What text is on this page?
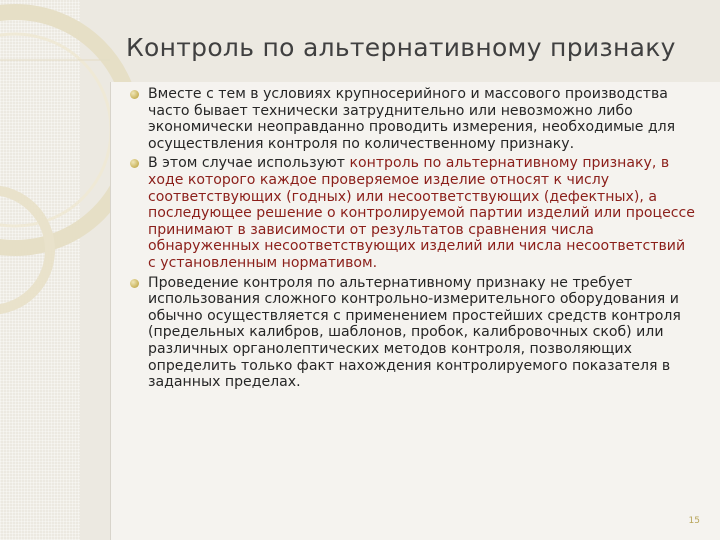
Контроль по альтернативному признаку
Вместе с тем в условиях крупносерийного и массового производства часто бывает технически затруднительно или невозможно либо экономически неоправданно проводить измерения, необходимые для осуществления контроля по количественному признаку.
В этом случае используют контроль по альтернативному признаку, в ходе которого каждое проверяемое изделие относят к числу соответствующих (годных) или несоответствующих (дефектных), а последующее решение о контролируемой партии изделий или процессе принимают в зависимости от результатов сравнения числа обнаруженных несоответствующих изделий или числа несоответствий с установленным нормативом.
Проведение контроля по альтернативному признаку не требует использования сложного контрольно-измерительного оборудования и обычно осуществляется с применением простейших средств контроля (предельных калибров, шаблонов, пробок, калибровочных скоб) или различных органолептических методов контроля, позволяющих определить только факт нахождения контролируемого показателя в заданных пределах.
15
